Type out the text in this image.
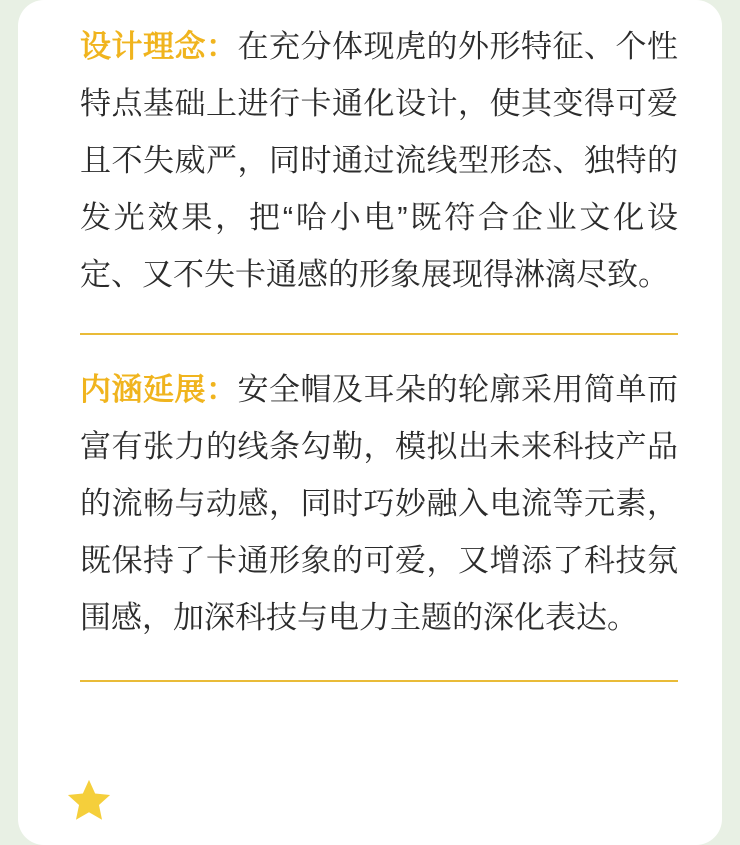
设计理念：在充分体现虎的外形特征、个性特点基础上进行卡通化设计，使其变得可爱且不失威严，同时通过流线型形态、独特的发光效果，把“哈小电”既符合企业文化设定、又不失卡通感的形象展现得淋漓尽致。

内涵延展：安全帽及耳朵的轮廓采用简单而富有张力的线条勾勒，模拟出未来科技产品的流畅与动感，同时巧妙融入电流等元素，既保持了卡通形象的可爱，又增添了科技氛围感，加深科技与电力主题的深化表达。
